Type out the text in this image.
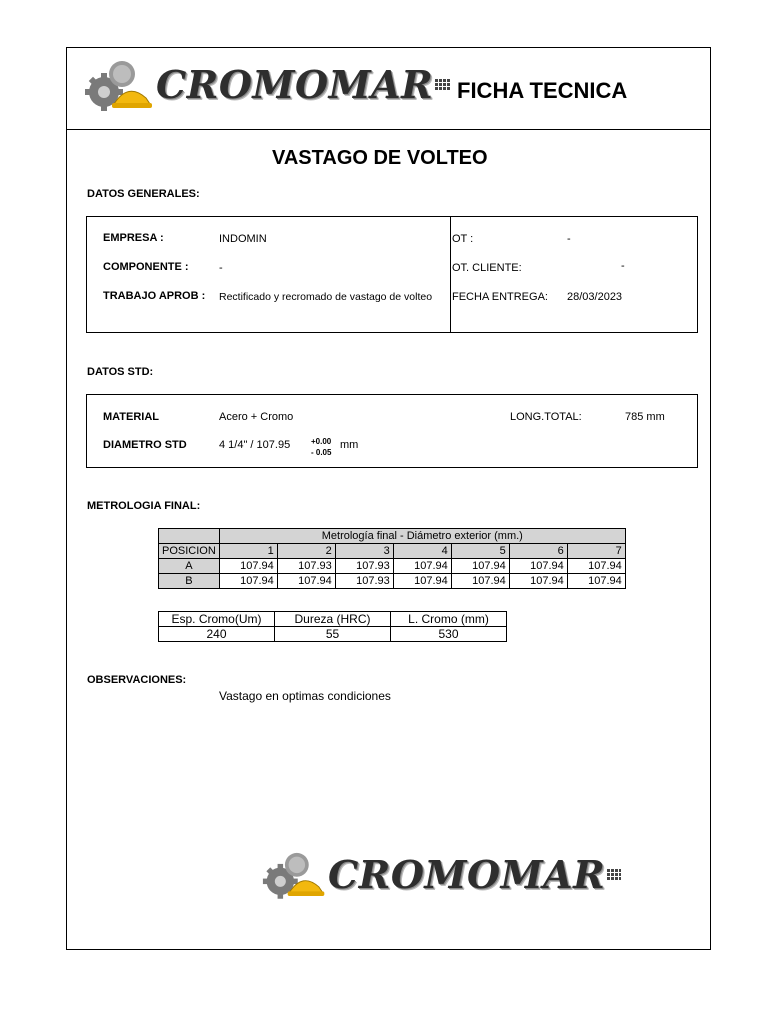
CROMOMAR FICHA TECNICA
VASTAGO DE VOLTEO
DATOS GENERALES:
EMPRESA :	INDOMIN
COMPONENTE :	-
TRABAJO APROB : Rectificado y recromado de vastago de volteo
OT :	-
OT. CLIENTE:	-
FECHA ENTREGA: 28/03/2023
DATOS STD:
MATERIAL	Acero + Cromo	LONG.TOTAL:	785 mm
DIAMETRO STD	4 1/4" / 107.95	+0.00
- 0.05
mm
METROLOGIA FINAL:
	Metrología final - Diámetro exterior (mm.)						
POSICION	1	2	3	4	5	6	7
A	107.94	107.93	107.93	107.94	107.94	107.94	107.94
B	107.94	107.94	107.93	107.94	107.94	107.94	107.94
Esp. Cromo(Um)	Dureza (HRC)	L. Cromo (mm)
240	55	530
OBSERVACIONES:
Vastago en optimas condiciones
CROMOMAR
